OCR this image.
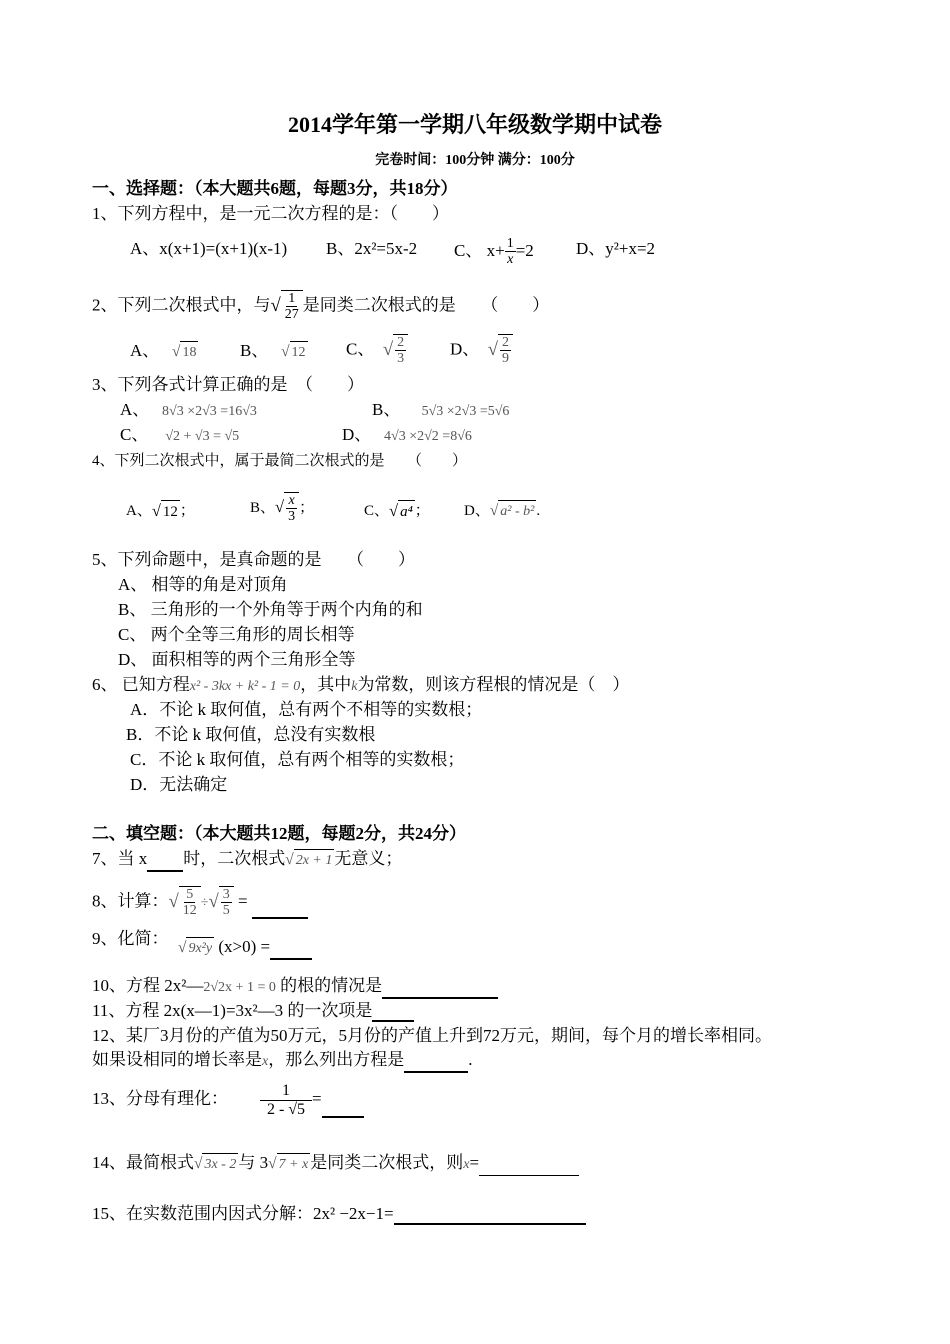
2014学年第一学期八年级数学期中试卷
完卷时间：100分钟 满分：100分
一、选择题：（本大题共6题，每题3分，共18分）
1、下列方程中，是一元二次方程的是：（　　）
A、x(x+1)=(x+1)(x-1) B、2x²=5x-2 C、 $x+ \frac{1}{x} =2$ D、y²+x=2
2、下列二次根式中，与√ $\frac{1}{27}$ 是同类二次根式的是　　（　　）
A、 √ 18	B、 √ 12 C、 √ $\frac{2}{3}$	D、 √ $\frac{2}{9}$
3、下列各式计算正确的是　（　　）
A、 8√3 ×2√3 =16√3	B、 5√3 ×2√3 =5√6
C、 √2 + √3 = √5	D、 4√3 ×2√2 =8√6
4、下列二次根式中，属于最简二次根式的是　　（　　）
A、√ 12 ；	B、√ $\frac{x}{3}$ ；	C、√ a⁴ ； D、√ a² - b² .
5、下列命题中，是真命题的是　　（　　）
A、 相等的角是对顶角
B、 三角形的一个外角等于两个内角的和
C、 两个全等三角形的周长相等
D、 面积相等的两个三角形全等
6、 已知方程x² - 3kx + k² - 1 = 0，其中k为常数，则该方程根的情况是（　）
A．不论 k 取何值，总有两个不相等的实数根；
B．不论 k 取何值，总没有实数根
C．不论 k 取何值，总有两个相等的实数根；
D．无法确定
二、填空题：（本大题共12题，每题2分，共24分）
7、当 x 时，二次根式√ 2x + 1 无意义；
8、计算：√ $\frac{5}{12}$ ÷√ $\frac{3}{5}$ =
9、化简： √ 9x²y (x>0) =
10、方程 2x²—2√2x + 1 = 0 的根的情况是
11、方程 2x(x—1)=3x²—3 的一次项是
12、某厂3月份的产值为50万元，5月份的产值上升到72万元，期间，每个月的增长率相同。
如果设相同的增长率是x，那么列出方程是	.
13、分母有理化： $\frac{1}{2 - √5}$ =
14、最简根式√ 3x - 2 与 3√ 7 + x 是同类二次根式，则x=
15、在实数范围内因式分解：2x² −2x−1=
